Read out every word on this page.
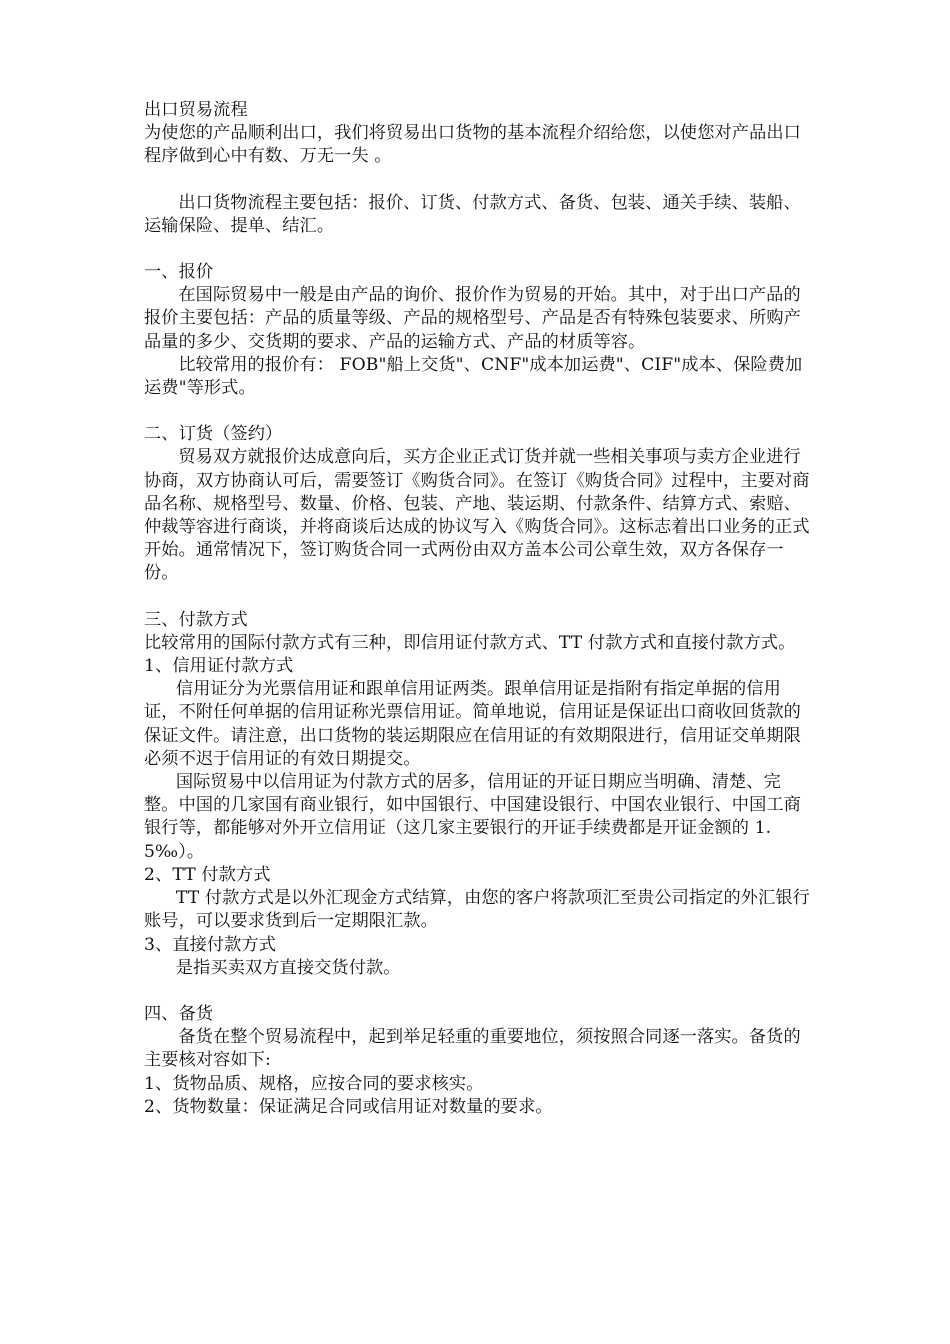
出口贸易流程

为使您的产品顺利出口，我们将贸易出口货物的基本流程介绍给您，以使您对产品出口程序做到心中有数、万无一失 。

出口货物流程主要包括：报价、订货、付款方式、备货、包装、通关手续、装船、运输保险、提单、结汇。

一、报价

在国际贸易中一般是由产品的询价、报价作为贸易的开始。其中，对于出口产品的报价主要包括：产品的质量等级、产品的规格型号、产品是否有特殊包装要求、所购产品量的多少、交货期的要求、产品的运输方式、产品的材质等容。

比较常用的报价有： FOB"船上交货"、CNF"成本加运费"、CIF"成本、保险费加运费"等形式。

二、订货（签约）

贸易双方就报价达成意向后，买方企业正式订货并就一些相关事项与卖方企业进行协商，双方协商认可后，需要签订《购货合同》。在签订《购货合同》过程中，主要对商品名称、规格型号、数量、价格、包装、产地、装运期、付款条件、结算方式、索赔、仲裁等容进行商谈，并将商谈后达成的协议写入《购货合同》。这标志着出口业务的正式开始。通常情况下，签订购货合同一式两份由双方盖本公司公章生效，双方各保存一份。

三、付款方式

比较常用的国际付款方式有三种，即信用证付款方式、TT 付款方式和直接付款方式。1、信用证付款方式

信用证分为光票信用证和跟单信用证两类。跟单信用证是指附有指定单据的信用证，不附任何单据的信用证称光票信用证。简单地说，信用证是保证出口商收回货款的保证文件。请注意，出口货物的装运期限应在信用证的有效期限进行，信用证交单期限必须不迟于信用证的有效日期提交。

国际贸易中以信用证为付款方式的居多，信用证的开证日期应当明确、清楚、完整。中国的几家国有商业银行，如中国银行、中国建设银行、中国农业银行、中国工商银行等，都能够对外开立信用证（这几家主要银行的开证手续费都是开证金额的 1.5‰）。

2、TT 付款方式

TT 付款方式是以外汇现金方式结算，由您的客户将款项汇至贵公司指定的外汇银行账号，可以要求货到后一定期限汇款。

3、直接付款方式

是指买卖双方直接交货付款。

四、备货

备货在整个贸易流程中，起到举足轻重的重要地位，须按照合同逐一落实。备货的主要核对容如下:

1、货物品质、规格，应按合同的要求核实。

2、货物数量：保证满足合同或信用证对数量的要求。
